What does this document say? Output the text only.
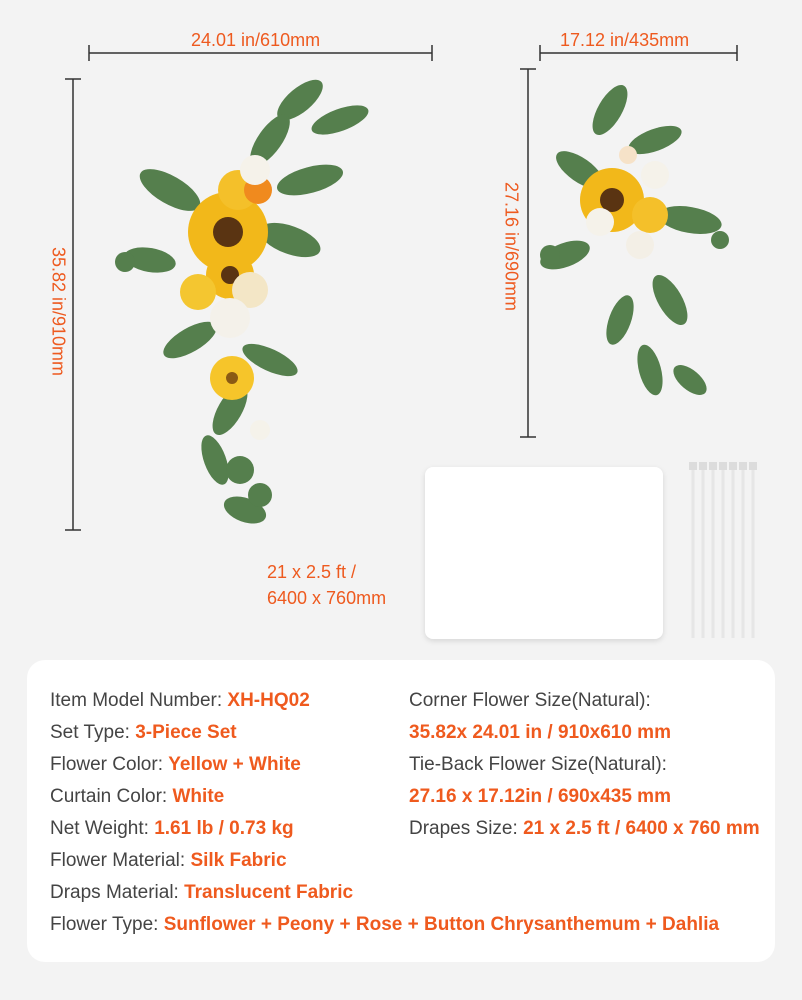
24.01 in/610mm
35.82 in/910mm
17.12 in/435mm
27.16 in/690mm
21 x 2.5 ft /
6400 x 760mm
Item Model Number: XH-HQ02
Set Type: 3-Piece Set
Flower Color: Yellow + White
Curtain Color: White
Net Weight: 1.61 lb / 0.73 kg
Flower Material: Silk Fabric
Draps Material: Translucent Fabric
Flower Type: Sunflower + Peony + Rose + Button Chrysanthemum + Dahlia
Corner Flower Size(Natural):
35.82x 24.01 in / 910x610 mm
Tie-Back Flower Size(Natural):
27.16 x 17.12in / 690x435 mm
Drapes Size: 21 x 2.5 ft / 6400 x 760 mm
